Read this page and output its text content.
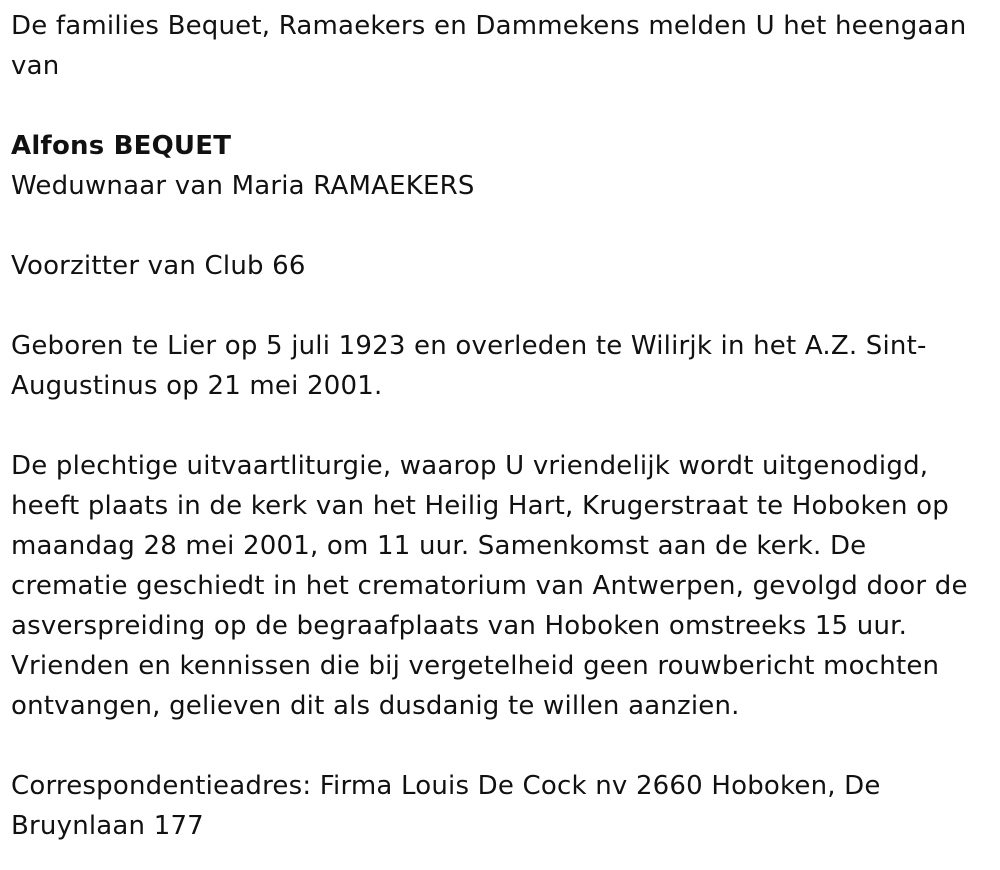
De families Bequet, Ramaekers en Dammekens melden U het heengaan van

Alfons BEQUET

Weduwnaar van Maria RAMAEKERS

Voorzitter van Club 66

Geboren te Lier op 5 juli 1923 en overleden te Wilirjk in het A.Z. Sint-Augustinus op 21 mei 2001.

De plechtige uitvaartliturgie, waarop U vriendelijk wordt uitgenodigd, heeft plaats in de kerk van het Heilig Hart, Krugerstraat te Hoboken op maandag 28 mei 2001, om 11 uur. Samenkomst aan de kerk. De crematie geschiedt in het crematorium van Antwerpen, gevolgd door de asverspreiding op de begraafplaats van Hoboken omstreeks 15 uur. Vrienden en kennissen die bij vergetelheid geen rouwbericht mochten ontvangen, gelieven dit als dusdanig te willen aanzien.

Correspondentieadres: Firma Louis De Cock nv 2660 Hoboken, De Bruynlaan 177
